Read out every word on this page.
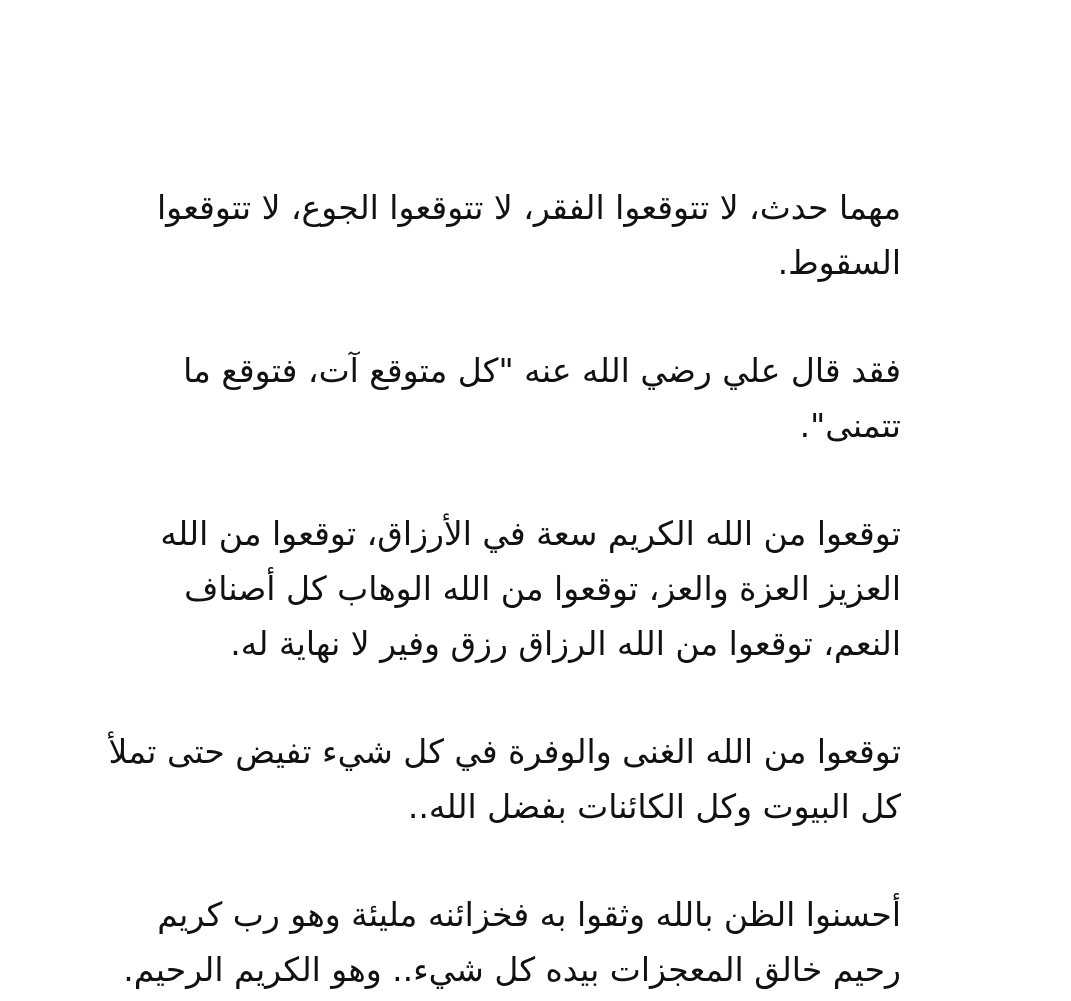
مهما حدث، لا تتوقعوا الفقر، لا تتوقعوا الجوع، لا تتوقعوا
السقوط.

فقد قال علي رضي الله عنه "كل متوقع آت، فتوقع ما
تتمنى".

توقعوا من الله الكريم سعة في الأرزاق، توقعوا من الله
العزيز العزة والعز، توقعوا من الله الوهاب كل أصناف
النعم، توقعوا من الله الرزاق رزق وفير لا نهاية له.

توقعوا من الله الغنى والوفرة في كل شيء تفيض حتى تملأ
كل البيوت وكل الكائنات بفضل الله..

أحسنوا الظن بالله وثقوا به فخزائنه مليئة وهو رب كريم
رحيم خالق المعجزات بيده كل شيء.. وهو الكريم الرحيم.
